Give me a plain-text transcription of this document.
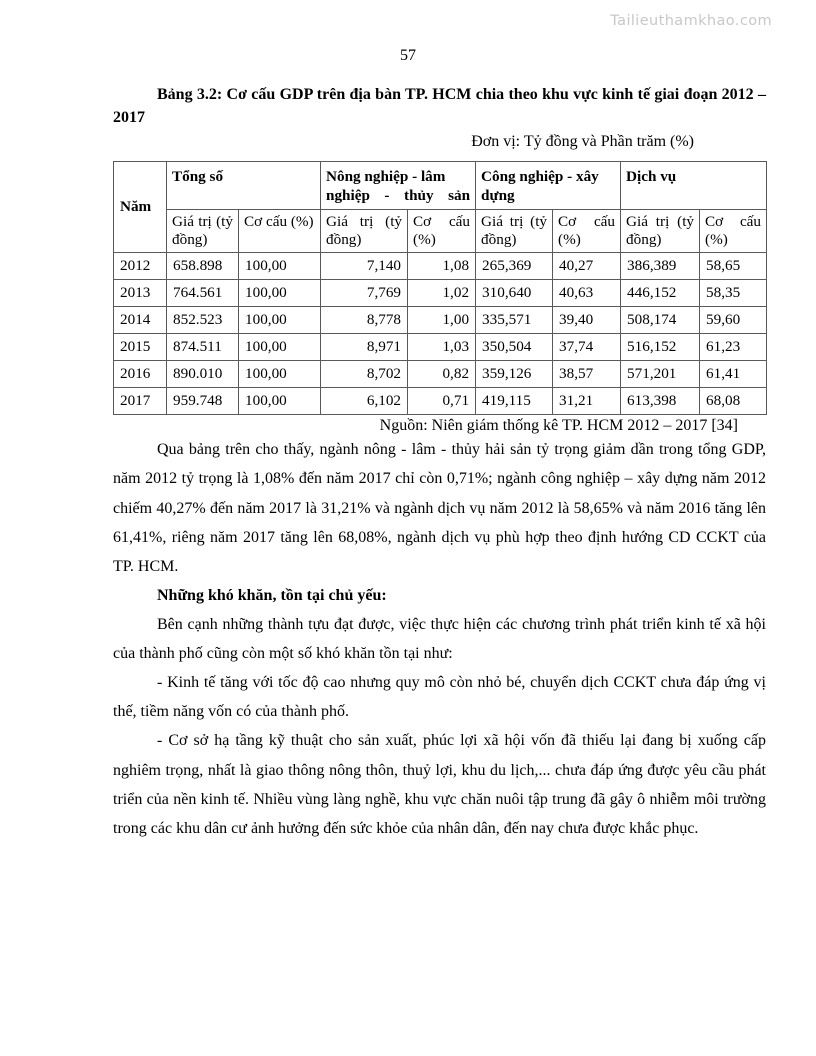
Tailieuthamkhao.com
57

Bảng 3.2: Cơ cấu GDP trên địa bàn TP. HCM chia theo khu vực kinh tế giai đoạn 2012 – 2017

Đơn vị: Tỷ đồng và Phần trăm (%)
Năm	Tổng số		Nông nghiệp - lâm nghiệp - thủy sản		Công nghiệp - xây dựng		Dịch vụ	
	Giá trị (tỷ đồng)	Cơ cấu (%)	Giá trị (tỷ đồng)	Cơ cấu (%)	Giá trị (tỷ đồng)	Cơ cấu (%)	Giá trị (tỷ đồng)	Cơ cấu (%)
2012	658.898	100,00	7,140	1,08	265,369	40,27	386,389	58,65
2013	764.561	100,00	7,769	1,02	310,640	40,63	446,152	58,35
2014	852.523	100,00	8,778	1,00	335,571	39,40	508,174	59,60
2015	874.511	100,00	8,971	1,03	350,504	37,74	516,152	61,23
2016	890.010	100,00	8,702	0,82	359,126	38,57	571,201	61,41
2017	959.748	100,00	6,102	0,71	419,115	31,21	613,398	68,08
Nguồn: Niên giám thống kê TP. HCM 2012 – 2017 [34]

Qua bảng trên cho thấy, ngành nông - lâm - thủy hải sản tỷ trọng giảm dần trong tổng GDP, năm 2012 tỷ trọng là 1,08% đến năm 2017 chỉ còn 0,71%; ngành công nghiệp – xây dựng năm 2012 chiếm 40,27% đến năm 2017 là 31,21% và ngành dịch vụ năm 2012 là 58,65% và năm 2016 tăng lên 61,41%, riêng năm 2017 tăng lên 68,08%, ngành dịch vụ phù hợp theo định hướng CD CCKT của TP. HCM.

Những khó khăn, tồn tại chủ yếu:

Bên cạnh những thành tựu đạt được, việc thực hiện các chương trình phát triển kinh tế xã hội của thành phố cũng còn một số khó khăn tồn tại như:

- Kinh tế tăng với tốc độ cao nhưng quy mô còn nhỏ bé, chuyển dịch CCKT chưa đáp ứng vị thế, tiềm năng vốn có của thành phố.

- Cơ sở hạ tầng kỹ thuật cho sản xuất, phúc lợi xã hội vốn đã thiếu lại đang bị xuống cấp nghiêm trọng, nhất là giao thông nông thôn, thuỷ lợi, khu du lịch,... chưa đáp ứng được yêu cầu phát triển của nền kinh tế. Nhiều vùng làng nghề, khu vực chăn nuôi tập trung đã gây ô nhiễm môi trường trong các khu dân cư ảnh hưởng đến sức khỏe của nhân dân, đến nay chưa được khắc phục.
